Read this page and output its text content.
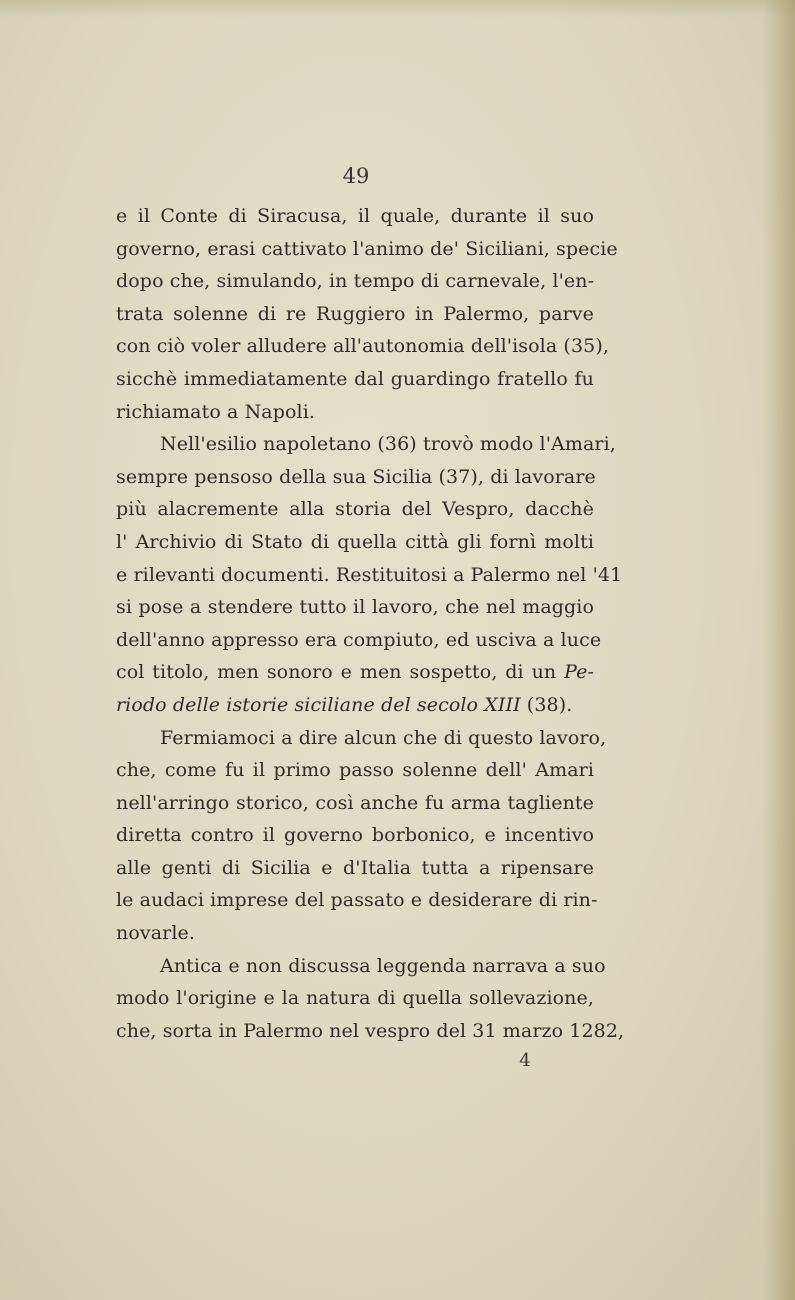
49
e il Conte di Siracusa, il quale, durante il suo
governo, erasi cattivato l'animo de' Siciliani, specie
dopo che, simulando, in tempo di carnevale, l'en-
trata solenne di re Ruggiero in Palermo, parve
con ciò voler alludere all'autonomia dell'isola (35),
sicchè immediatamente dal guardingo fratello fu
richiamato a Napoli.
Nell'esilio napoletano (36) trovò modo l'Amari,
sempre pensoso della sua Sicilia (37), di lavorare
più alacremente alla storia del Vespro, dacchè
l' Archivio di Stato di quella città gli fornì molti
e rilevanti documenti. Restituitosi a Palermo nel '41
si pose a stendere tutto il lavoro, che nel maggio
dell'anno appresso era compiuto, ed usciva a luce
col titolo, men sonoro e men sospetto, di un Pe-
riodo delle istorie siciliane del secolo XIII (38).
Fermiamoci a dire alcun che di questo lavoro,
che, come fu il primo passo solenne dell' Amari
nell'arringo storico, così anche fu arma tagliente
diretta contro il governo borbonico, e incentivo
alle genti di Sicilia e d'Italia tutta a ripensare
le audaci imprese del passato e desiderare di rin-
novarle.
Antica e non discussa leggenda narrava a suo
modo l'origine e la natura di quella sollevazione,
che, sorta in Palermo nel vespro del 31 marzo 1282,
4
